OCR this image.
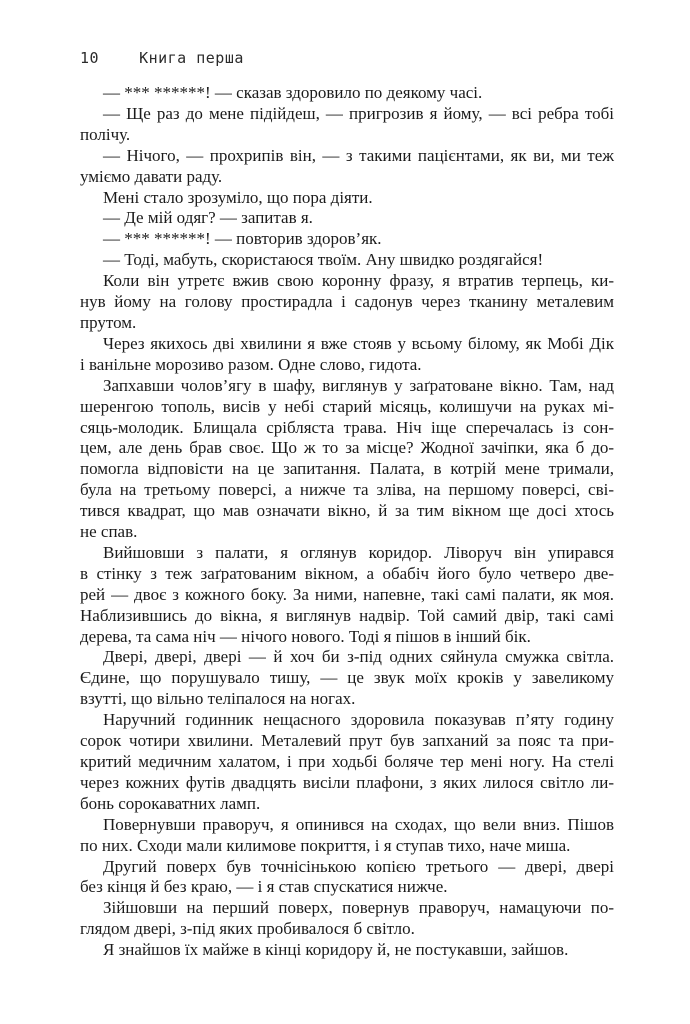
10	Книга перша
— *** ******! — сказав здоровило по деякому часі.
— Ще раз до мене підійдеш, — пригрозив я йому, — всі ребра тобі
полічу.
— Нічого, — прохрипів він, — з такими пацієнтами, як ви, ми теж
уміємо давати раду.
Мені стало зрозуміло, що пора діяти.
— Де мій одяг? — запитав я.
— *** ******! — повторив здоров’як.
— Тоді, мабуть, скористаюся твоїм. Ану швидко роздягайся!
Коли він утретє вжив свою коронну фразу, я втратив терпець, ки-
нув йому на голову простирадла і садонув через тканину металевим
прутом.
Через якихось дві хвилини я вже стояв у всьому білому, як Мобі Дік
і ванільне морозиво разом. Одне слово, гидота.
Запхавши чолов’ягу в шафу, виглянув у заґратоване вікно. Там, над
шеренгою тополь, висів у небі старий місяць, колишучи на руках мі-
сяць-молодик. Блищала срібляста трава. Ніч іще сперечалась із сон-
цем, але день брав своє. Що ж то за місце? Жодної зачіпки, яка б до-
помогла відповісти на це запитання. Палата, в котрій мене тримали,
була на третьому поверсі, а нижче та зліва, на першому поверсі, сві-
тився квадрат, що мав означати вікно, й за тим вікном ще досі хтось
не спав.
Вийшовши з палати, я оглянув коридор. Ліворуч він упирався
в стінку з теж заґратованим вікном, а обабіч його було четверо две-
рей — двоє з кожного боку. За ними, напевне, такі самі палати, як моя.
Наблизившись до вікна, я виглянув надвір. Той самий двір, такі самі
дерева, та сама ніч — нічого нового. Тоді я пішов в інший бік.
Двері, двері, двері — й хоч би з-під одних сяйнула смужка світла.
Єдине, що порушувало тишу, — це звук моїх кроків у завеликому
взутті, що вільно теліпалося на ногах.
Наручний годинник нещасного здоровила показував п’яту годину
сорок чотири хвилини. Металевий прут був запханий за пояс та при-
критий медичним халатом, і при ходьбі боляче тер мені ногу. На стелі
через кожних футів двадцять висіли плафони, з яких лилося світло ли-
бонь сорокаватних ламп.
Повернувши праворуч, я опинився на сходах, що вели вниз. Пішов
по них. Сходи мали килимове покриття, і я ступав тихо, наче миша.
Другий поверх був точнісінькою копією третього — двері, двері
без кінця й без краю, — і я став спускатися нижче.
Зійшовши на перший поверх, повернув праворуч, намацуючи по-
глядом двері, з-під яких пробивалося б світло.
Я знайшов їх майже в кінці коридору й, не постукавши, зайшов.
